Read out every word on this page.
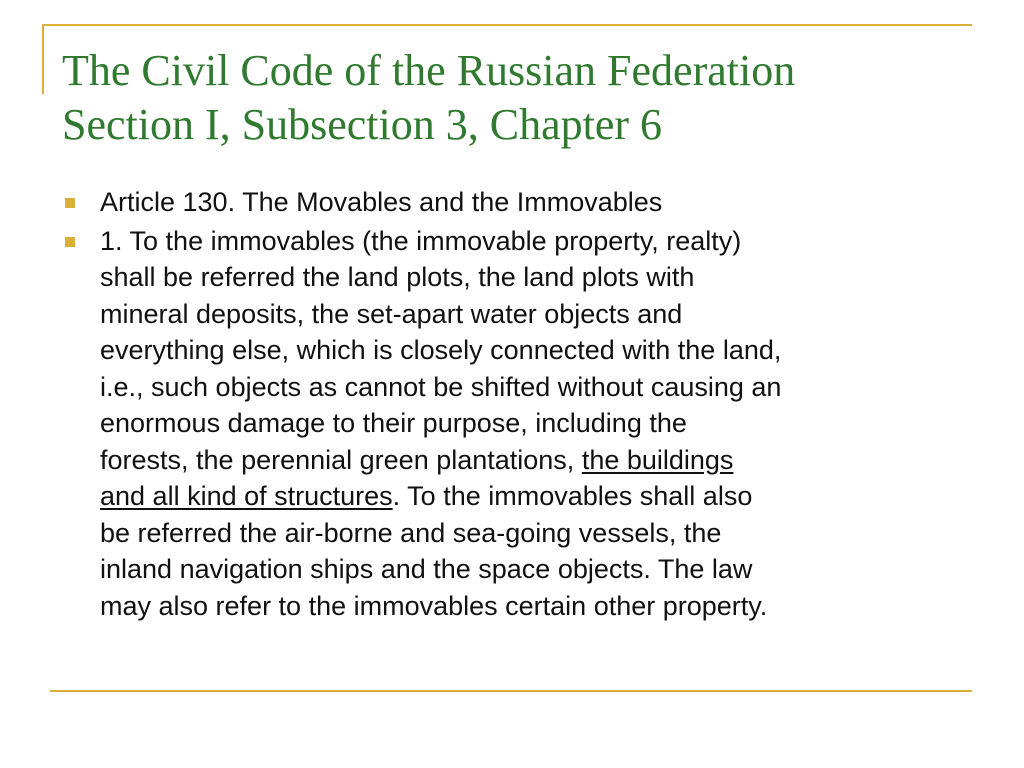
The Civil Code of the Russian Federation
Section I, Subsection 3, Chapter 6
Article 130. The Movables and the Immovables
1. To the immovables (the immovable property, realty)
shall be referred the land plots, the land plots with
mineral deposits, the set-apart water objects and
everything else, which is closely connected with the land,
i.e., such objects as cannot be shifted without causing an
enormous damage to their purpose, including the
forests, the perennial green plantations, the buildings
and all kind of structures. To the immovables shall also
be referred the air-borne and sea-going vessels, the
inland navigation ships and the space objects. The law
may also refer to the immovables certain other property.
